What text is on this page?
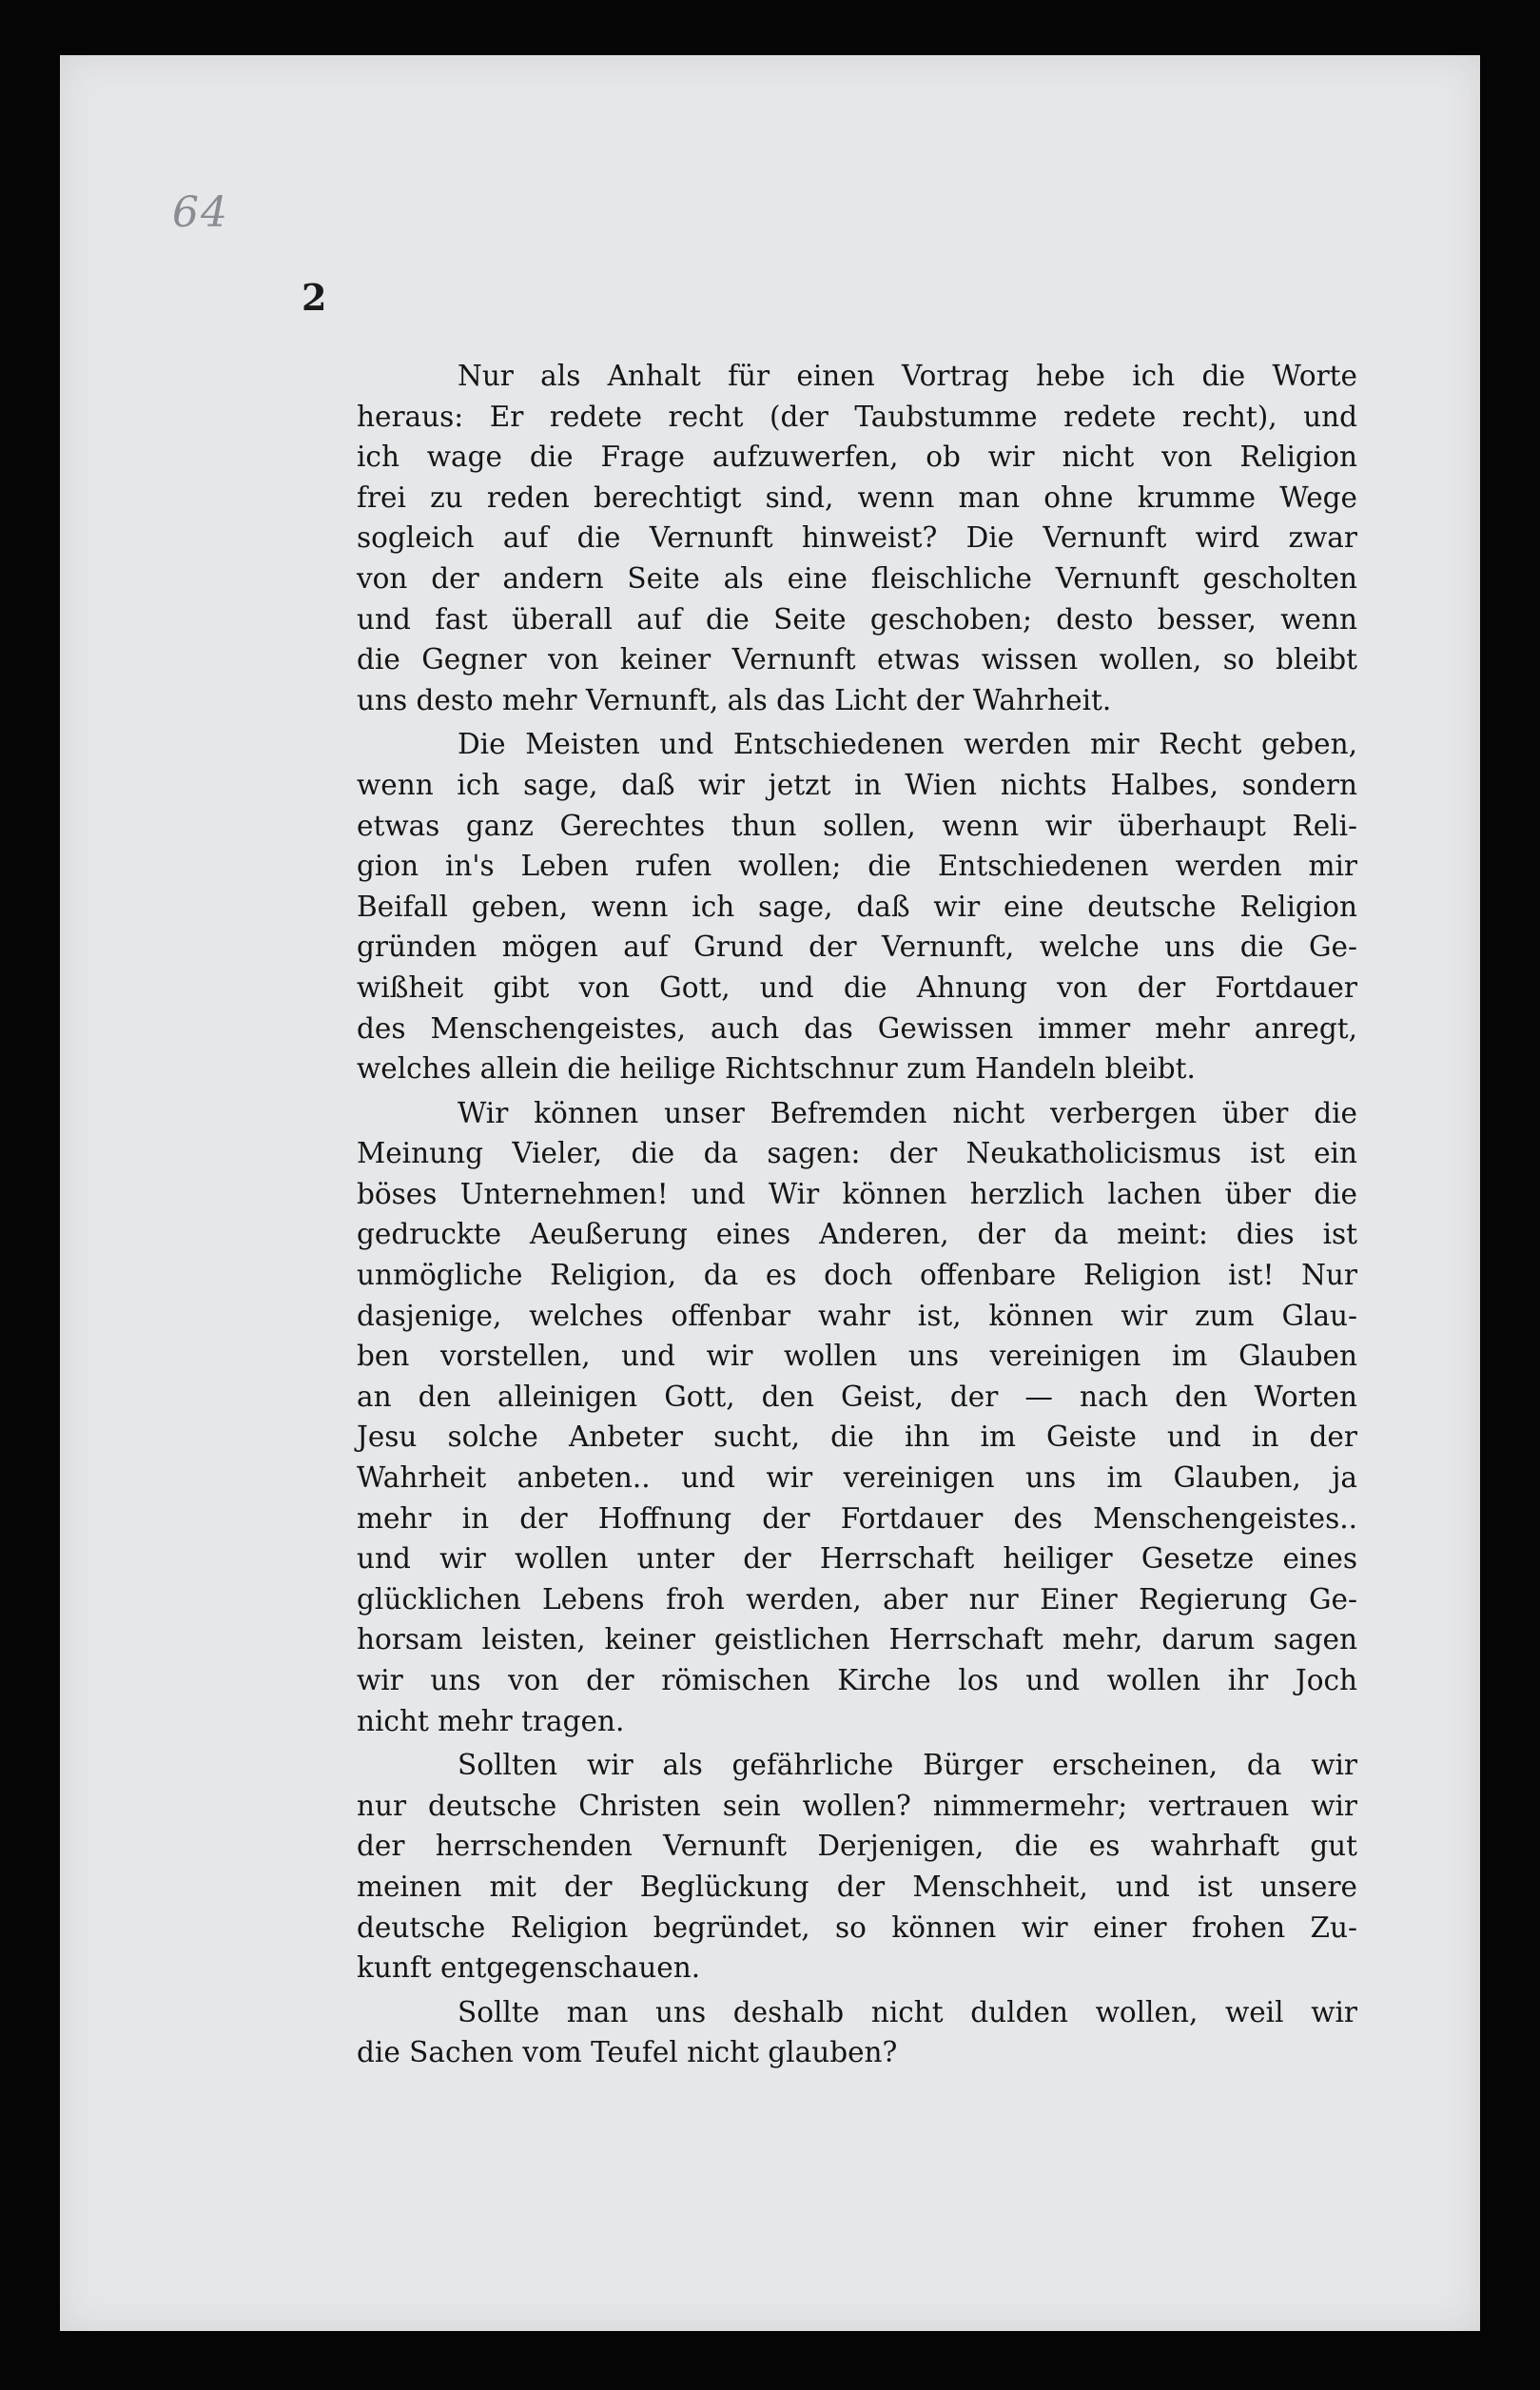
64
2
Nur als Anhalt für einen Vortrag hebe ich die Worte
heraus: Er redete recht (der Taubstumme redete recht), und
ich wage die Frage aufzuwerfen, ob wir nicht von Religion
frei zu reden berechtigt sind, wenn man ohne krumme Wege
sogleich auf die Vernunft hinweist? Die Vernunft wird zwar
von der andern Seite als eine fleischliche Vernunft gescholten
und fast überall auf die Seite geschoben; desto besser, wenn
die Gegner von keiner Vernunft etwas wissen wollen, so bleibt
uns desto mehr Vernunft, als das Licht der Wahrheit.
Die Meisten und Entschiedenen werden mir Recht geben,
wenn ich sage, daß wir jetzt in Wien nichts Halbes, sondern
etwas ganz Gerechtes thun sollen, wenn wir überhaupt Reli-
gion in's Leben rufen wollen; die Entschiedenen werden mir
Beifall geben, wenn ich sage, daß wir eine deutsche Religion
gründen mögen auf Grund der Vernunft, welche uns die Ge-
wißheit gibt von Gott, und die Ahnung von der Fortdauer
des Menschengeistes, auch das Gewissen immer mehr anregt,
welches allein die heilige Richtschnur zum Handeln bleibt.
Wir können unser Befremden nicht verbergen über die
Meinung Vieler, die da sagen: der Neukatholicismus ist ein
böses Unternehmen! und Wir können herzlich lachen über die
gedruckte Aeußerung eines Anderen, der da meint: dies ist
unmögliche Religion, da es doch offenbare Religion ist! Nur
dasjenige, welches offenbar wahr ist, können wir zum Glau-
ben vorstellen, und wir wollen uns vereinigen im Glauben
an den alleinigen Gott, den Geist, der — nach den Worten
Jesu solche Anbeter sucht, die ihn im Geiste und in der
Wahrheit anbeten.. und wir vereinigen uns im Glauben, ja
mehr in der Hoffnung der Fortdauer des Menschengeistes..
und wir wollen unter der Herrschaft heiliger Gesetze eines
glücklichen Lebens froh werden, aber nur Einer Regierung Ge-
horsam leisten, keiner geistlichen Herrschaft mehr, darum sagen
wir uns von der römischen Kirche los und wollen ihr Joch
nicht mehr tragen.
Sollten wir als gefährliche Bürger erscheinen, da wir
nur deutsche Christen sein wollen? nimmermehr; vertrauen wir
der herrschenden Vernunft Derjenigen, die es wahrhaft gut
meinen mit der Beglückung der Menschheit, und ist unsere
deutsche Religion begründet, so können wir einer frohen Zu-
kunft entgegenschauen.
Sollte man uns deshalb nicht dulden wollen, weil wir
die Sachen vom Teufel nicht glauben?
